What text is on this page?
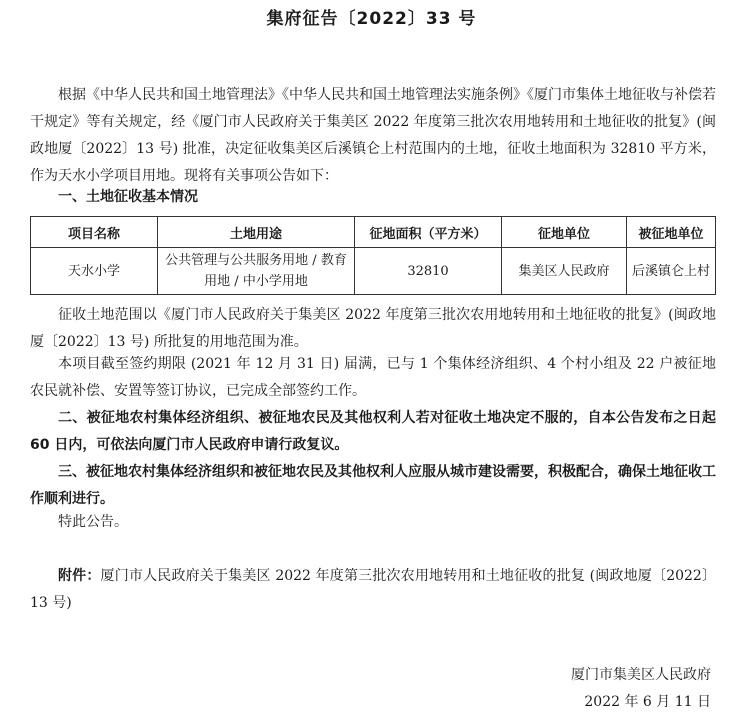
集府征告〔2022〕33 号

根据《中华人民共和国土地管理法》《中华人民共和国土地管理法实施条例》《厦门市集体土地征收与补偿若干规定》等有关规定，经《厦门市人民政府关于集美区 2022 年度第三批次农用地转用和土地征收的批复》(闽政地厦〔2022〕13 号) 批准，决定征收集美区后溪镇仑上村范围内的土地，征收土地面积为 32810 平方米，作为天水小学项目用地。现将有关事项公告如下：

一、土地征收基本情况

项目名称	土地用途	征地面积（平方米）	征地单位	被征地单位
天水小学	公共管理与公共服务用地 / 教育用地 / 中小学用地	32810	集美区人民政府	后溪镇仑上村

征收土地范围以《厦门市人民政府关于集美区 2022 年度第三批次农用地转用和土地征收的批复》(闽政地厦〔2022〕13 号) 所批复的用地范围为准。

本项目截至签约期限 (2021 年 12 月 31 日) 届满，已与 1 个集体经济组织、4 个村小组及 22 户被征地农民就补偿、安置等签订协议，已完成全部签约工作。

二、被征地农村集体经济组织、被征地农民及其他权利人若对征收土地决定不服的，自本公告发布之日起 60 日内，可依法向厦门市人民政府申请行政复议。

三、被征地农村集体经济组织和被征地农民及其他权利人应服从城市建设需要，积极配合，确保土地征收工作顺利进行。

特此公告。

附件：厦门市人民政府关于集美区 2022 年度第三批次农用地转用和土地征收的批复 (闽政地厦〔2022〕13 号)

厦门市集美区人民政府
2022 年 6 月 11 日
